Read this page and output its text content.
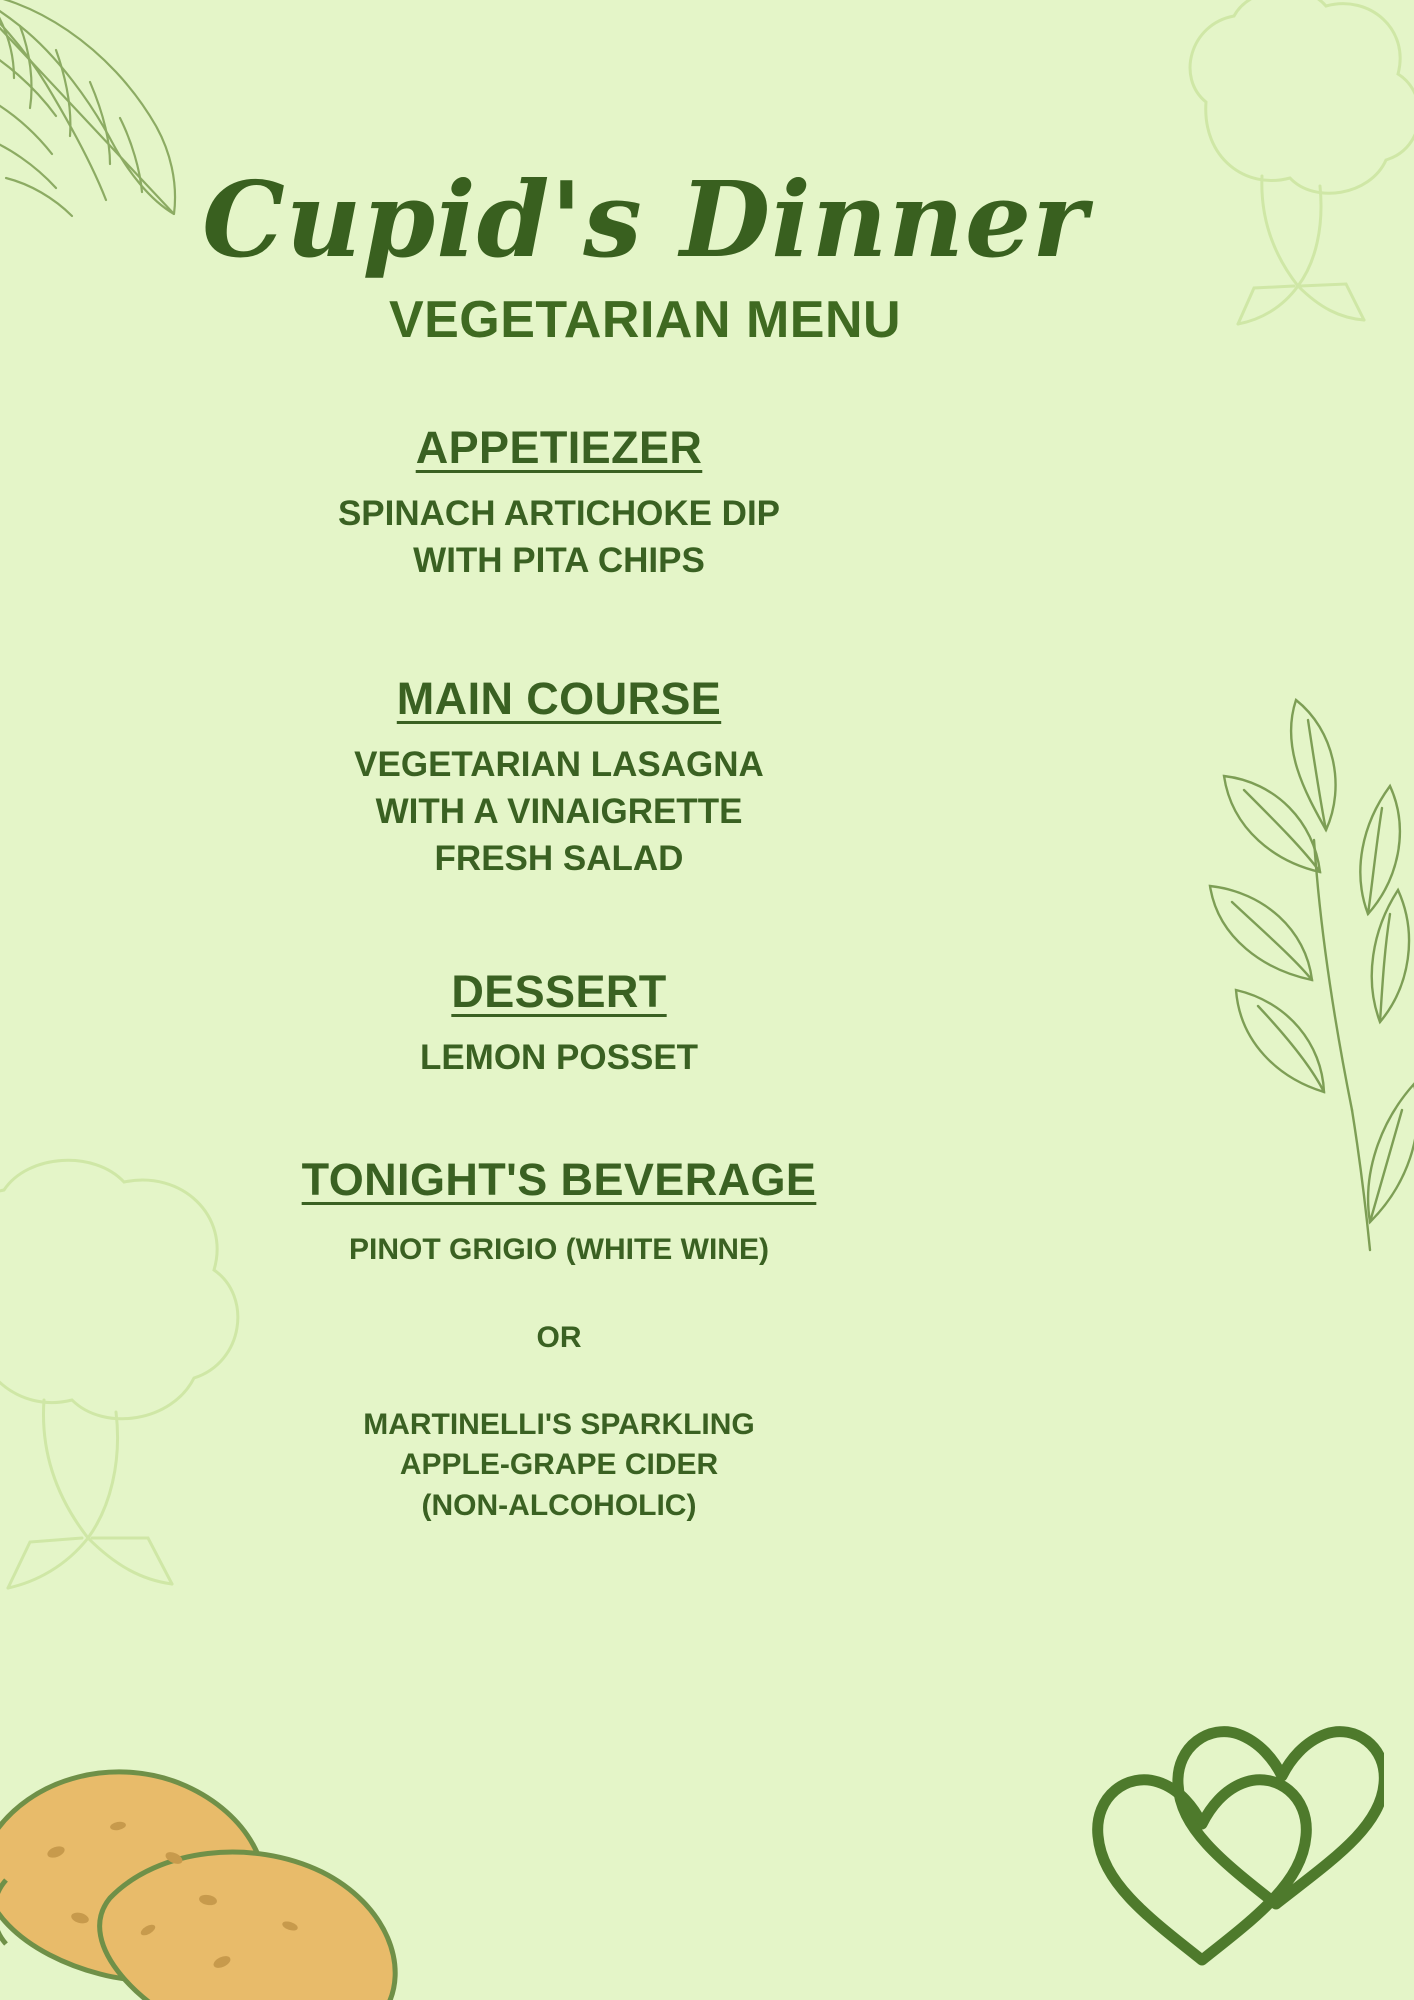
Cupid's Dinner
VEGETARIAN MENU
APPETIEZER
SPINACH ARTICHOKE DIP
WITH PITA CHIPS
MAIN COURSE
VEGETARIAN LASAGNA
WITH A VINAIGRETTE
FRESH SALAD
DESSERT
LEMON POSSET
TONIGHT'S BEVERAGE
PINOT GRIGIO (WHITE WINE)
OR
MARTINELLI'S SPARKLING
APPLE-GRAPE CIDER
(NON-ALCOHOLIC)
